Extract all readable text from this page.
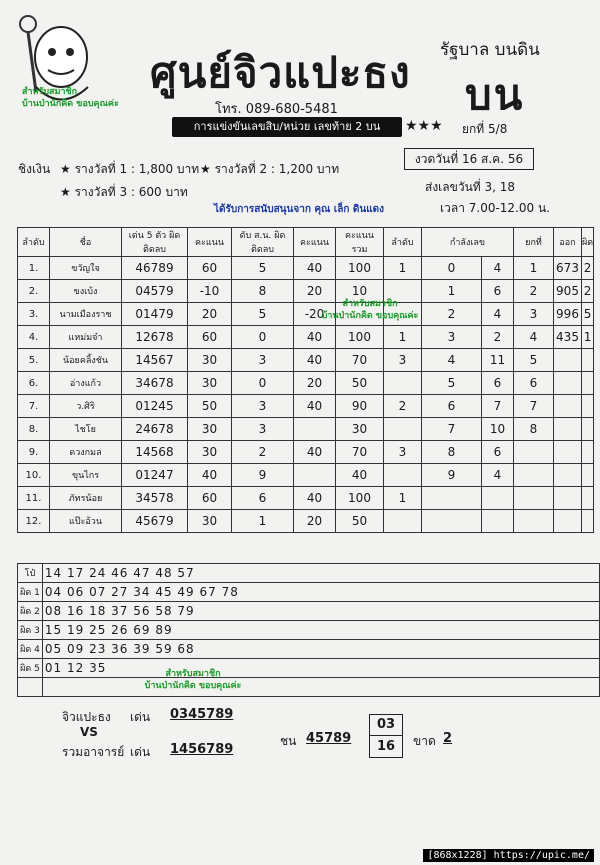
สำหรับสมาชิก
บ้านป่านักคิด ขอบคุณค่ะ
ศูนย์จิวแปะธง รัฐบาล บนดิน
บน
โทร. 089-680-5481
การแข่งขันเลขสิบ/หน่วย เลขท้าย 2 บน	★★★ ยกที่ 5/8
งวดวันที่ 16 ส.ค. 56
ส่งเลขวันที่ 3, 18
เวลา 7.00-12.00 น.
ชิงเงิน ★ รางวัลที่ 1 : 1,800 บาท ★ รางวัลที่ 2 : 1,200 บาท
★ รางวัลที่ 3 : 600 บาท
ได้รับการสนับสนุนจาก คุณ เล็ก ดินแดง
ลำดับ	ชื่อ	เด่น 5 ตัว ผิดติดลบ	คะแนน	ดับ ส.น. ผิดติดลบ	คะแนน	คะแนน รวม	ลำดับ	กำลังเลข		ยกที่	ออก	ผิด
1.	ขวัญใจ	46789	60	5	40	100	1	0	4	1	673	2
2.	ขงเบ้ง	04579	-10	8	20	10		1	6	2	905	2
3.	นามเมืองราช	01479	20	5	-20			2	4	3	996	5
4.	แหม่มจ๋า	12678	60	0	40	100	1	3	2	4	435	1
5.	น้อยคลิ้งชัน	14567	30	3	40	70	3	4	11	5		
6.	อ่างแก้ว	34678	30	0	20	50		5	6	6		
7.	ว.ศิริ	01245	50	3	40	90	2	6	7	7		
8.	ไชโย	24678	30	3		30		7	10	8		
9.	ดวงกมล	14568	30	2	40	70	3	8	6			
10.	ขุนไกร	01247	40	9		40		9	4			
11.	ภัทรน้อย	34578	60	6	40	100	1					
12.	แป๊ะอ้วน	45679	30	1	20	50						
สำหรับสมาชิก
บ้านป่านักคิด ขอบคุณค่ะ
โป๋	14 17 24 46 47 48 57
ผิด 1	04 06 07 27 34 45 49 67 78
ผิด 2	08 16 18 37 56 58 79
ผิด 3	15 19 25 26 69 89
ผิด 4	05 09 23 36 39 59 68
ผิด 5	01 12 35
		สำหรับสมาชิก
บ้านป่านักคิด ขอบคุณค่ะ
จิวแปะธง เด่น 0345789
VS
รวมอาจารย์ เด่น 1456789
ชน 45789
03
16	ขาด 2
[868x1228] https://upic.me/
